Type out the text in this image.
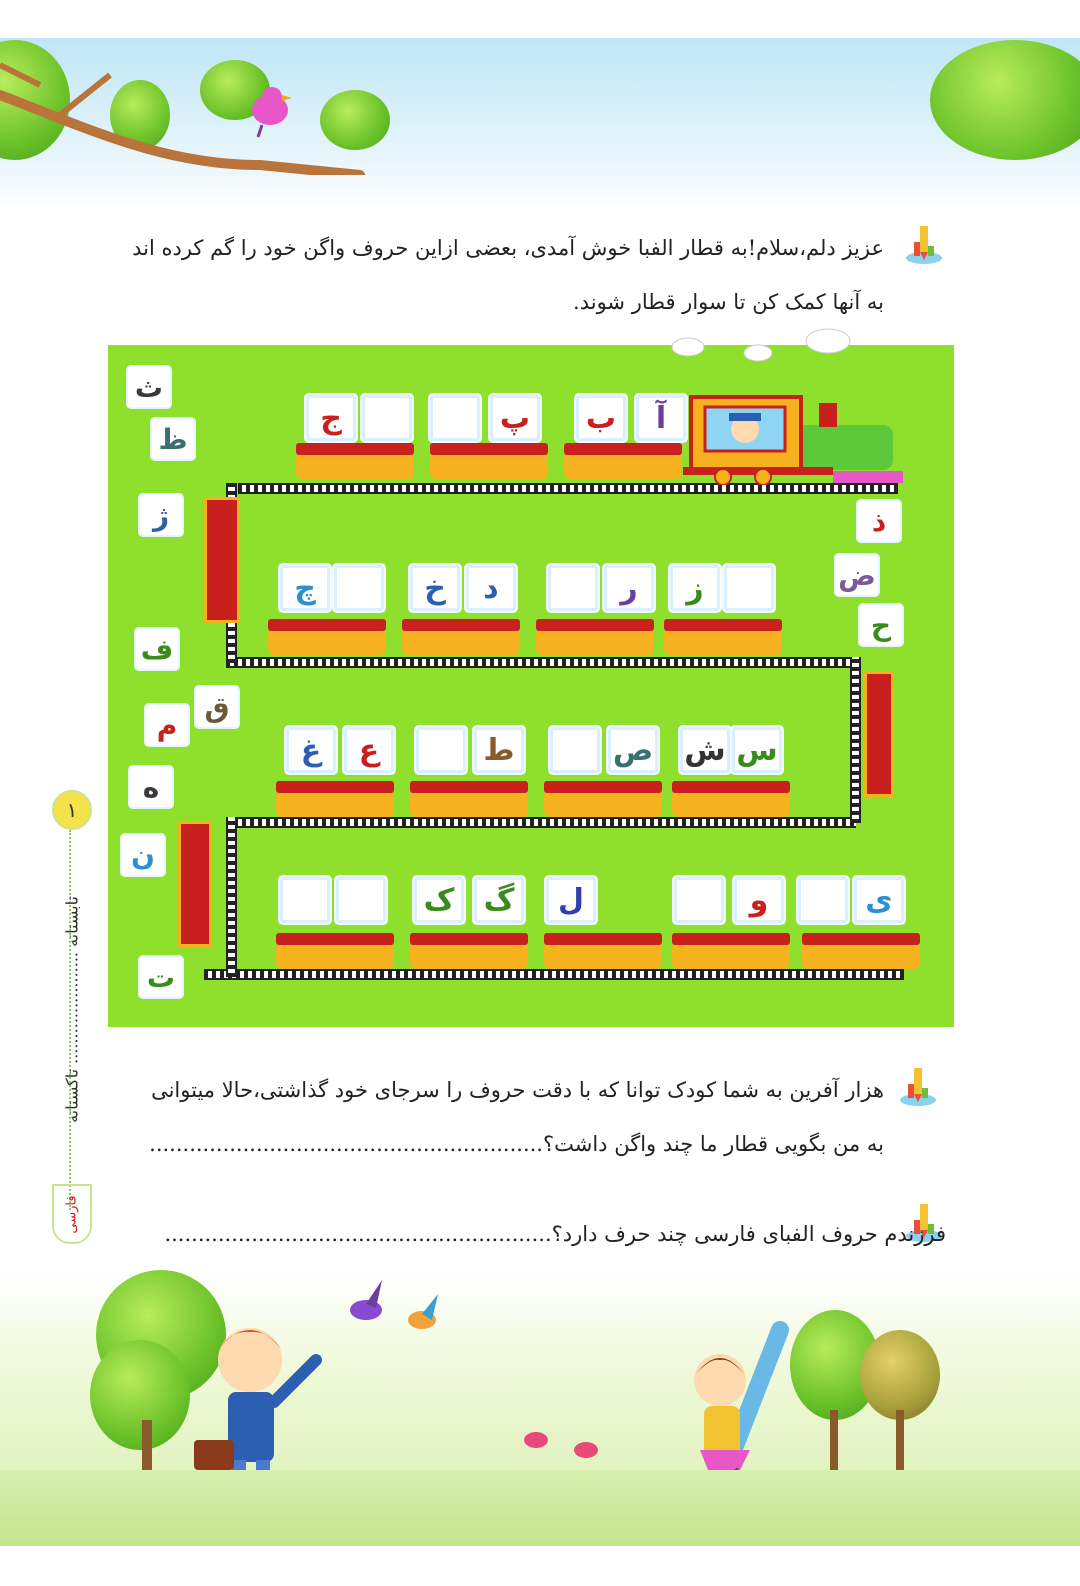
عزیز دلم،سلام!به قطار الفبا خوش آمدی، بعضی ازاین حروف واگن خود را گم کرده اند
به آنها کمک کن تا سوار قطار شوند.
آ
ب
پ
ج
ز
ر
د
خ
چ
س
ش
ص
ط
ع
غ
ی
و
ل
گ
ک
ث
ظ
ژ	ذ
ض
ح
ف
ق
م
ه
ن
ت
هزار آفرین به شما کودک توانا که با دقت حروف را سرجای خود گذاشتی،حالا میتوانی
به من بگویی قطار ما چند واگن داشت؟...........................................................
فرزندم حروف الفبای فارسی چند حرف دارد؟..........................................................
۱
تابستانه ...................... تاکستانه
فارسی
